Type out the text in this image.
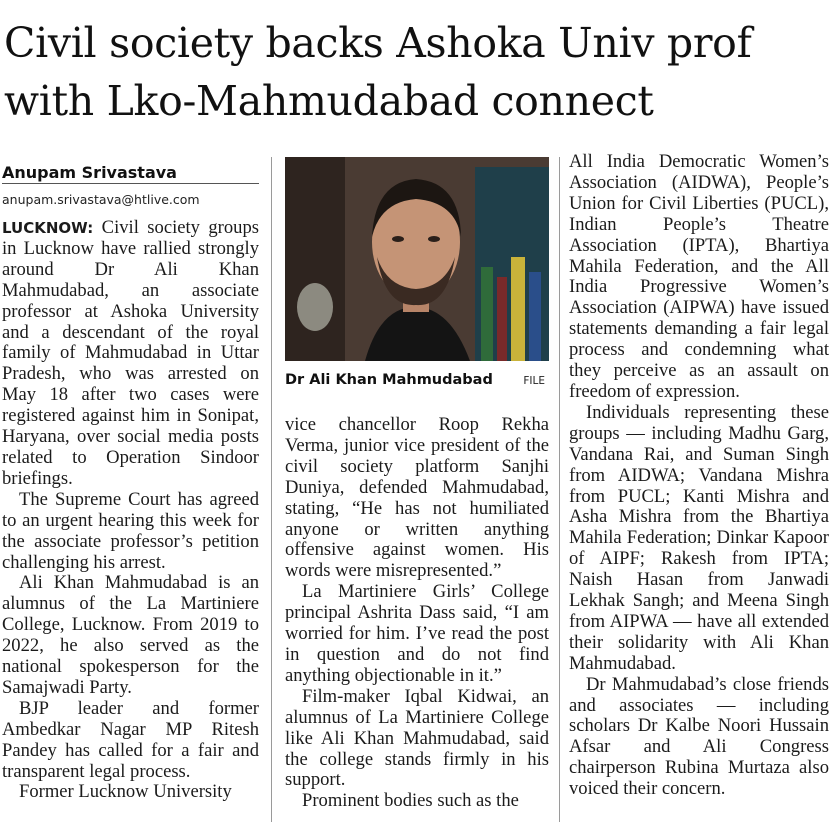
Civil society backs Ashoka Univ prof
with Lko-Mahmudabad connect
Anupam Srivastava
anupam.srivastava@htlive.com

LUCKNOW: Civil society groups in Lucknow have rallied strongly around Dr Ali Khan Mahmudabad, an associate professor at Ashoka University and a descendant of the royal family of Mahmudabad in Uttar Pradesh, who was arrested on May 18 after two cases were registered against him in Sonipat, Haryana, over social media posts related to Operation Sindoor briefings.

The Supreme Court has agreed to an urgent hearing this week for the associate professor’s petition challenging his arrest.

Ali Khan Mahmudabad is an alumnus of the La Martiniere College, Lucknow. From 2019 to 2022, he also served as the national spokesperson for the Samajwadi Party.

BJP leader and former Ambedkar Nagar MP Ritesh Pandey has called for a fair and transparent legal process.

Former Lucknow University

Dr Ali Khan Mahmudabad	FILE

vice chancellor Roop Rekha Verma, junior vice president of the civil society platform Sanjhi Duniya, defended Mahmudabad, stating, “He has not humiliated anyone or written anything offensive against women. His words were misrepresented.”

La Martiniere Girls’ College principal Ashrita Dass said, “I am worried for him. I’ve read the post in question and do not find anything objectionable in it.”

Film-maker Iqbal Kidwai, an alumnus of La Martiniere College like Ali Khan Mahmudabad, said the college stands firmly in his support.

Prominent bodies such as the

All India Democratic Women’s Association (AIDWA), People’s Union for Civil Liberties (PUCL), Indian People’s Theatre Association (IPTA), Bhartiya Mahila Federation, and the All India Progressive Women’s Association (AIPWA) have issued statements demanding a fair legal process and condemning what they perceive as an assault on freedom of expression.

Individuals representing these groups — including Madhu Garg, Vandana Rai, and Suman Singh from AIDWA; Vandana Mishra from PUCL; Kanti Mishra and Asha Mishra from the Bhartiya Mahila Federation; Dinkar Kapoor of AIPF; Rakesh from IPTA; Naish Hasan from Janwadi Lekhak Sangh; and Meena Singh from AIPWA — have all extended their solidarity with Ali Khan Mahmudabad.

Dr Mahmudabad’s close friends and associates — including scholars Dr Kalbe Noori Hussain Afsar and Ali Congress chairperson Rubina Murtaza also voiced their concern.
